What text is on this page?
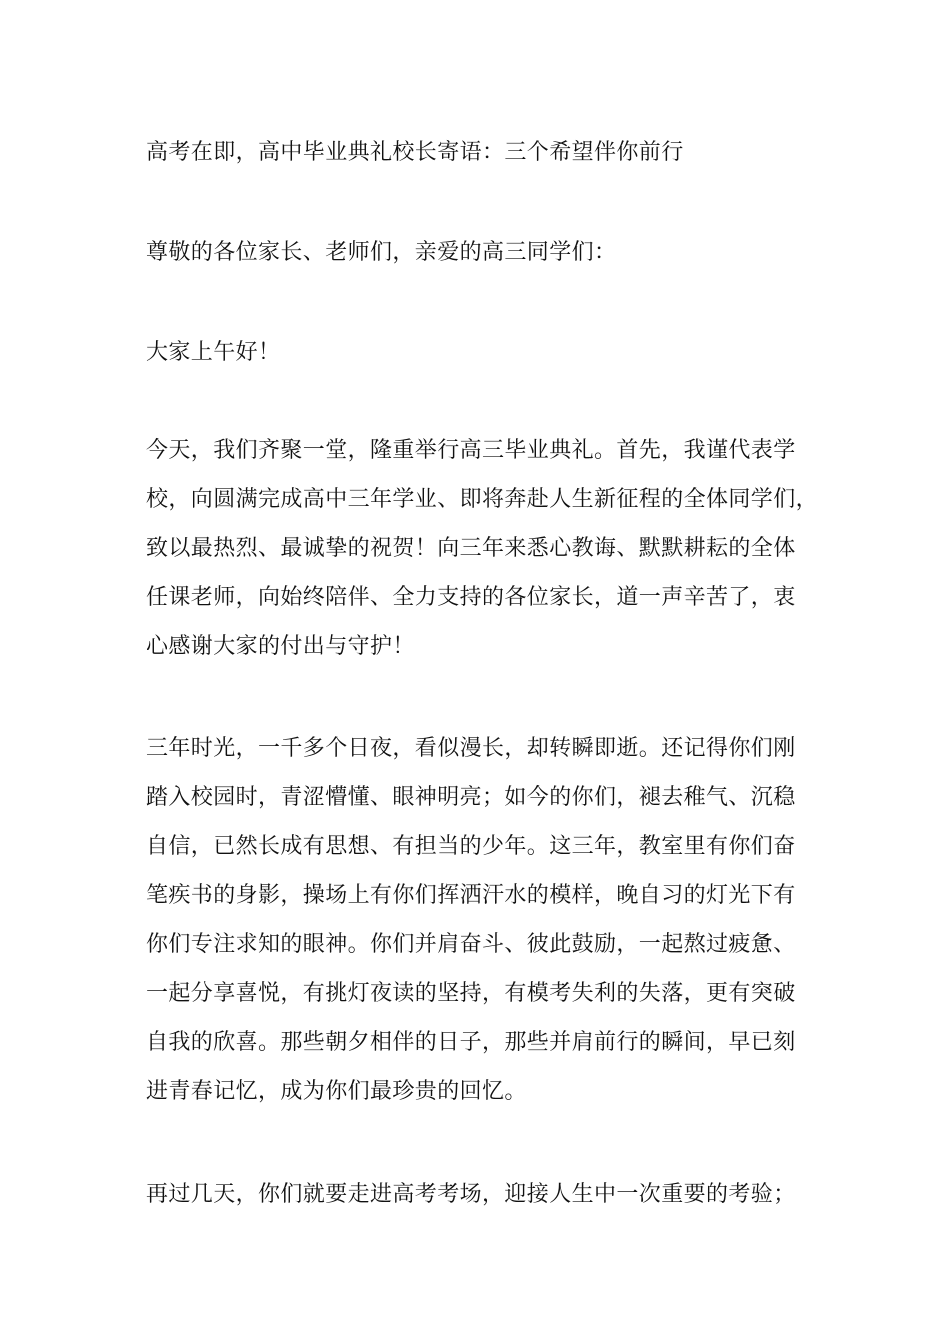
高考在即，高中毕业典礼校长寄语：三个希望伴你前行

尊敬的各位家长、老师们，亲爱的高三同学们：

大家上午好！

今天，我们齐聚一堂，隆重举行高三毕业典礼。首先，我谨代表学
校，向圆满完成高中三年学业、即将奔赴人生新征程的全体同学们，
致以最热烈、最诚挚的祝贺！向三年来悉心教诲、默默耕耘的全体
任课老师，向始终陪伴、全力支持的各位家长，道一声辛苦了，衷
心感谢大家的付出与守护！

三年时光，一千多个日夜，看似漫长，却转瞬即逝。还记得你们刚
踏入校园时，青涩懵懂、眼神明亮；如今的你们，褪去稚气、沉稳
自信，已然长成有思想、有担当的少年。这三年，教室里有你们奋
笔疾书的身影，操场上有你们挥洒汗水的模样，晚自习的灯光下有
你们专注求知的眼神。你们并肩奋斗、彼此鼓励，一起熬过疲惫、
一起分享喜悦，有挑灯夜读的坚持，有模考失利的失落，更有突破
自我的欣喜。那些朝夕相伴的日子，那些并肩前行的瞬间，早已刻
进青春记忆，成为你们最珍贵的回忆。

再过几天，你们就要走进高考考场，迎接人生中一次重要的考验；
